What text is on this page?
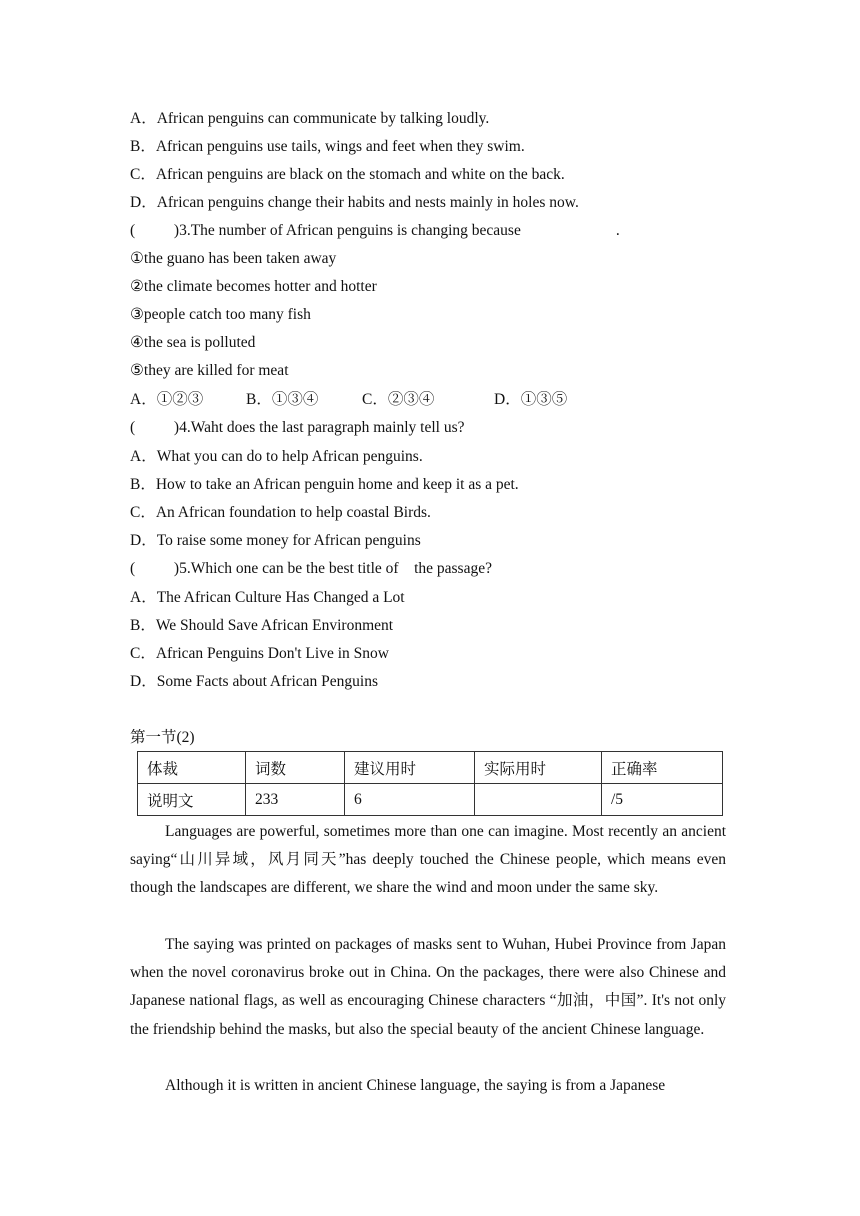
A．African penguins can communicate by talking loudly.
B．African penguins use tails, wings and feet when they swim.
C．African penguins are black on the stomach and white on the back.
D．African penguins change their habits and nests mainly in holes now.
(          )3.The number of African penguins is changing because	.
①the guano has been taken away
②the climate becomes hotter and hotter
③people catch too many fish
④the sea is polluted
⑤they are killed for meat
A．①②③	B．①③④	C．②③④	D．①③⑤
(          )4.Waht does the last paragraph mainly tell us?
A．What you can do to help African penguins.
B．How to take an African penguin home and keep it as a pet.
C．An African foundation to help coastal Birds.
D．To raise some money for African penguins
(          )5.Which one can be the best title of    the passage?
A．The African Culture Has Changed a Lot
B．We Should Save African Environment
C．African Penguins Don't Live in Snow
D．Some Facts about African Penguins
第一节(2)
体裁	词数	建议用时	实际用时	正确率
说明文	233	6		/5
Languages are powerful, sometimes more than one can imagine. Most recently an ancient saying“山川异域，风月同天”has deeply touched the Chinese people, which means even though the landscapes are different, we share the wind and moon under the same sky.
The saying was printed on packages of masks sent to Wuhan, Hubei Province from Japan when the novel coronavirus broke out in China. On the packages, there were also Chinese and Japanese national flags, as well as encouraging Chinese characters “加油，中国”. It's not only the friendship behind the masks, but also the special beauty of the ancient Chinese language.
Although it is written in ancient Chinese language, the saying is from a Japanese
